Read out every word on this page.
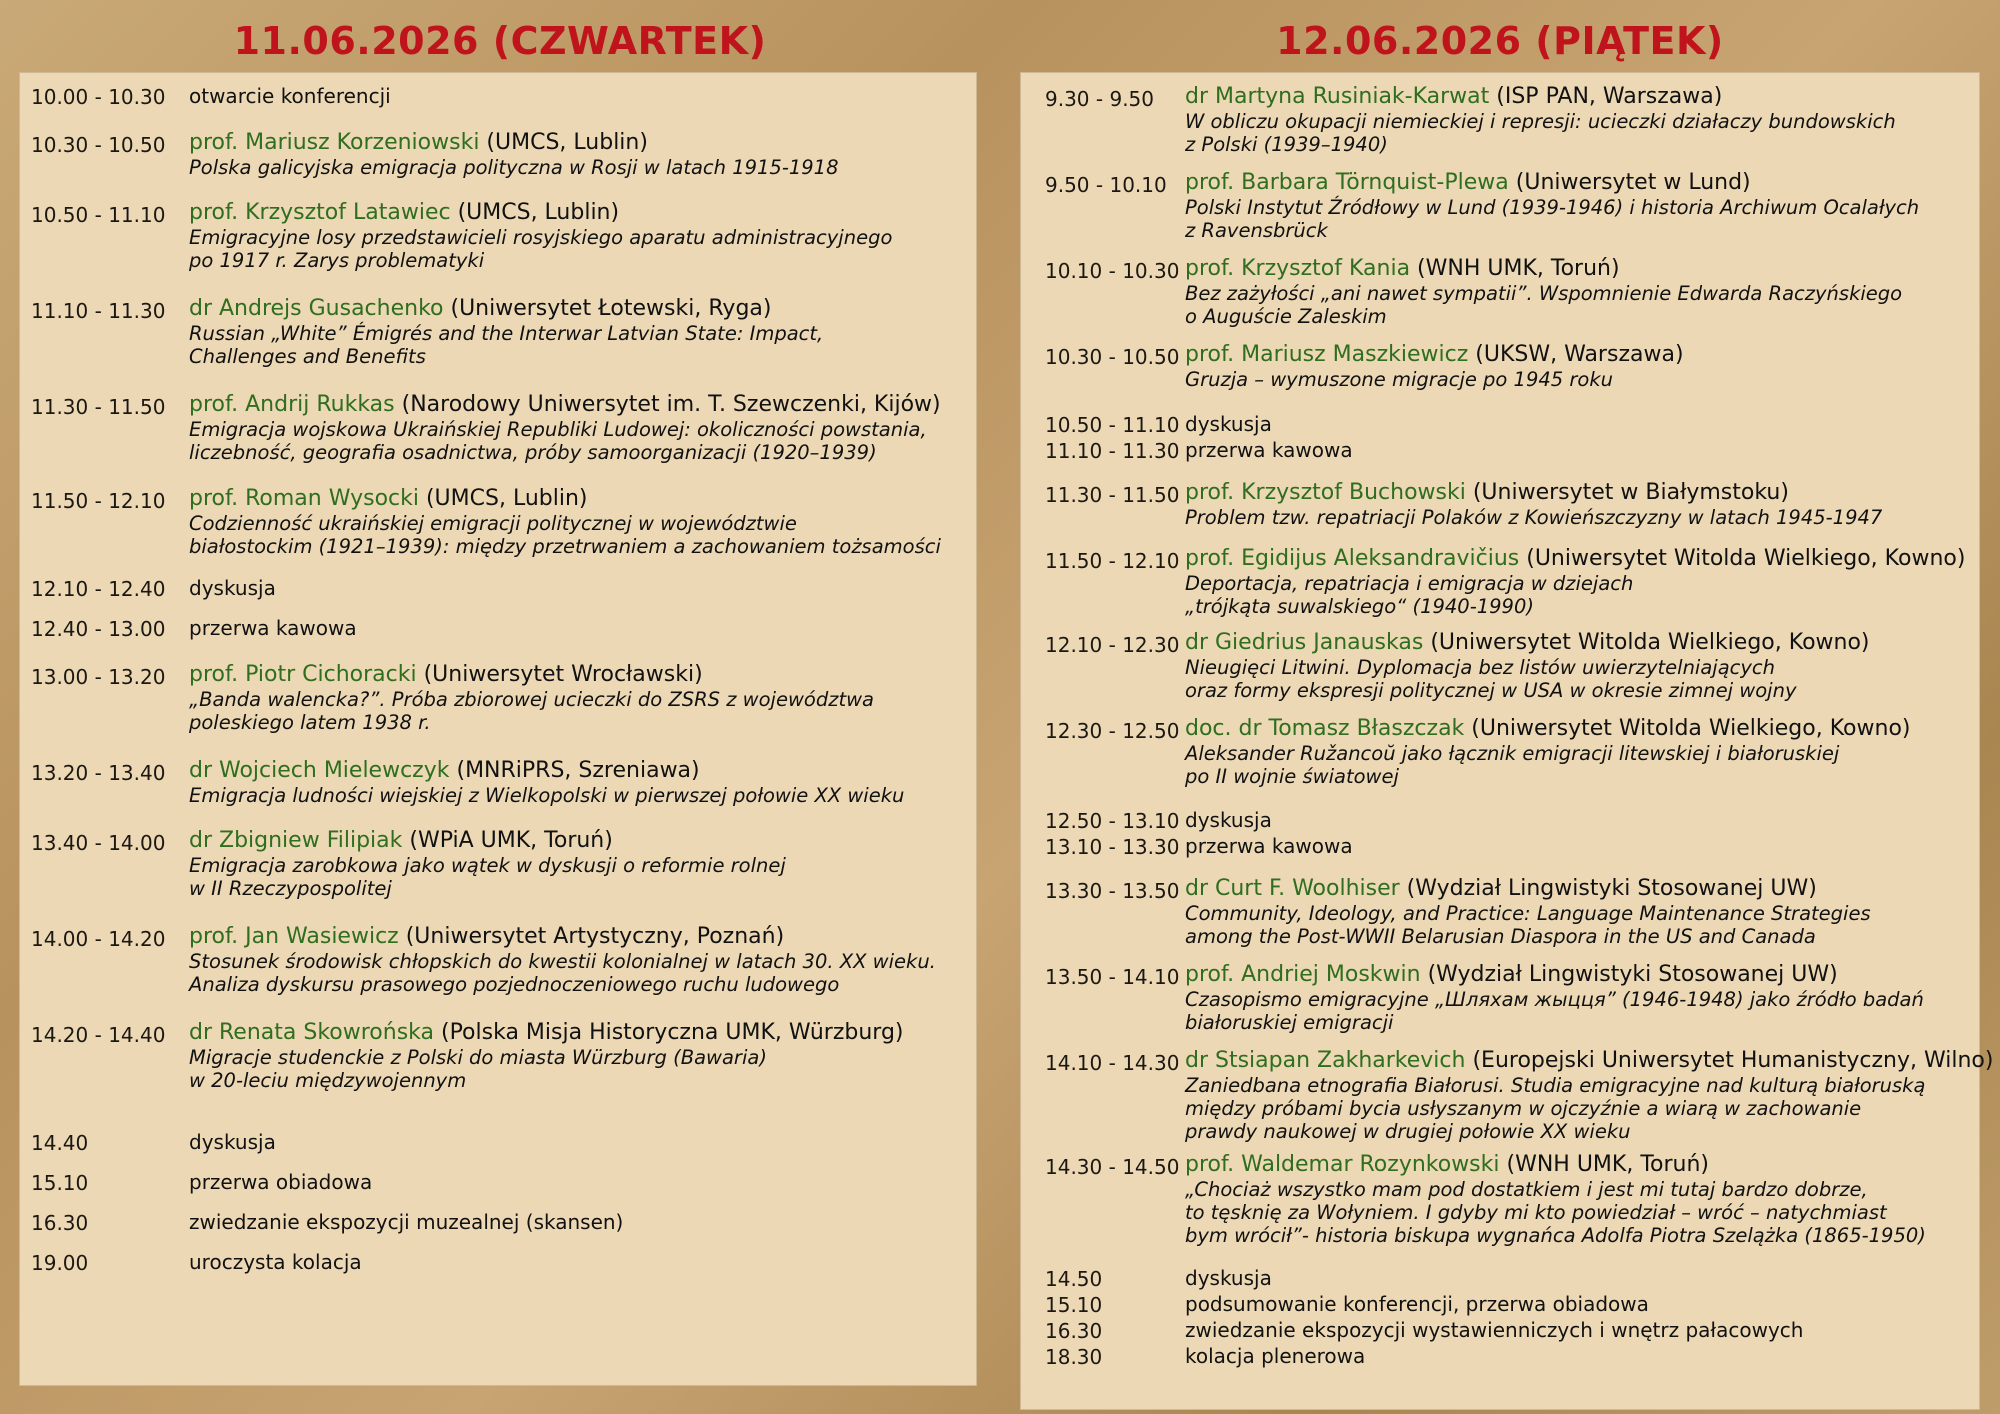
11.06.2026 (CZWARTEK)	12.06.2026 (PIĄTEK)
10.00 - 10.30 otwarcie konferencji
10.30 - 10.50 prof. Mariusz Korzeniowski (UMCS, Lublin)
Polska galicyjska emigracja polityczna w Rosji w latach 1915-1918
10.50 - 11.10 prof. Krzysztof Latawiec (UMCS, Lublin)
Emigracyjne losy przedstawicieli rosyjskiego aparatu administracyjnego
po 1917 r. Zarys problematyki
11.10 - 11.30 dr Andrejs Gusachenko (Uniwersytet Łotewski, Ryga)
Russian „White” Émigrés and the Interwar Latvian State: Impact,
Challenges and Benefits
11.30 - 11.50 prof. Andrij Rukkas (Narodowy Uniwersytet im. T. Szewczenki, Kijów)
Emigracja wojskowa Ukraińskiej Republiki Ludowej: okoliczności powstania,
liczebność, geografia osadnictwa, próby samoorganizacji (1920–1939)
11.50 - 12.10 prof. Roman Wysocki (UMCS, Lublin)
Codzienność ukraińskiej emigracji politycznej w województwie
białostockim (1921–1939): między przetrwaniem a zachowaniem tożsamości
12.10 - 12.40 dyskusja
12.40 - 13.00 przerwa kawowa
13.00 - 13.20 prof. Piotr Cichoracki (Uniwersytet Wrocławski)
„Banda walencka?”. Próba zbiorowej ucieczki do ZSRS z województwa
poleskiego latem 1938 r.
13.20 - 13.40 dr Wojciech Mielewczyk (MNRiPRS, Szreniawa)
Emigracja ludności wiejskiej z Wielkopolski w pierwszej połowie XX wieku
13.40 - 14.00 dr Zbigniew Filipiak (WPiA UMK, Toruń)
Emigracja zarobkowa jako wątek w dyskusji o reformie rolnej
w II Rzeczypospolitej
14.00 - 14.20 prof. Jan Wasiewicz (Uniwersytet Artystyczny, Poznań)
Stosunek środowisk chłopskich do kwestii kolonialnej w latach 30. XX wieku.
Analiza dyskursu prasowego pozjednoczeniowego ruchu ludowego
14.20 - 14.40 dr Renata Skowrońska (Polska Misja Historyczna UMK, Würzburg)
Migracje studenckie z Polski do miasta Würzburg (Bawaria)
w 20-leciu międzywojennym
14.40	dyskusja
15.10	przerwa obiadowa
16.30	zwiedzanie ekspozycji muzealnej (skansen)
19.00	uroczysta kolacja
9.30 - 9.50 dr Martyna Rusiniak-Karwat (ISP PAN, Warszawa)
W obliczu okupacji niemieckiej i represji: ucieczki działaczy bundowskich
z Polski (1939–1940)
9.50 - 10.10 prof. Barbara Törnquist-Plewa (Uniwersytet w Lund)
Polski Instytut Źródłowy w Lund (1939-1946) i historia Archiwum Ocalałych
z Ravensbrück
10.10 - 10.30 prof. Krzysztof Kania (WNH UMK, Toruń)
Bez zażyłości „ani nawet sympatii”. Wspomnienie Edwarda Raczyńskiego
o Auguście Zaleskim
10.30 - 10.50 prof. Mariusz Maszkiewicz (UKSW, Warszawa)
Gruzja – wymuszone migracje po 1945 roku
10.50 - 11.10 dyskusja
11.10 - 11.30 przerwa kawowa
11.30 - 11.50 prof. Krzysztof Buchowski (Uniwersytet w Białymstoku)
Problem tzw. repatriacji Polaków z Kowieńszczyzny w latach 1945-1947
11.50 - 12.10 prof. Egidijus Aleksandravičius (Uniwersytet Witolda Wielkiego, Kowno)
Deportacja, repatriacja i emigracja w dziejach
„trójkąta suwalskiego“ (1940-1990)
12.10 - 12.30 dr Giedrius Janauskas (Uniwersytet Witolda Wielkiego, Kowno)
Nieugięci Litwini. Dyplomacja bez listów uwierzytelniających
oraz formy ekspresji politycznej w USA w okresie zimnej wojny
12.30 - 12.50 doc. dr Tomasz Błaszczak (Uniwersytet Witolda Wielkiego, Kowno)
Aleksander Ružancoŭ jako łącznik emigracji litewskiej i białoruskiej
po II wojnie światowej
12.50 - 13.10 dyskusja
13.10 - 13.30 przerwa kawowa
13.30 - 13.50 dr Curt F. Woolhiser (Wydział Lingwistyki Stosowanej UW)
Community, Ideology, and Practice: Language Maintenance Strategies
among the Post-WWII Belarusian Diaspora in the US and Canada
13.50 - 14.10 prof. Andriej Moskwin (Wydział Lingwistyki Stosowanej UW)
Czasopismo emigracyjne „Шляхам жыцця” (1946-1948) jako źródło badań
białoruskiej emigracji
14.10 - 14.30 dr Stsiapan Zakharkevich (Europejski Uniwersytet Humanistyczny, Wilno)
Zaniedbana etnografia Białorusi. Studia emigracyjne nad kulturą białoruską
między próbami bycia usłyszanym w ojczyźnie a wiarą w zachowanie
prawdy naukowej w drugiej połowie XX wieku
14.30 - 14.50 prof. Waldemar Rozynkowski (WNH UMK, Toruń)
„Chociaż wszystko mam pod dostatkiem i jest mi tutaj bardzo dobrze,
to tęsknię za Wołyniem. I gdyby mi kto powiedział – wróć – natychmiast
bym wrócił”- historia biskupa wygnańca Adolfa Piotra Szelążka (1865-1950)
14.50	dyskusja
15.10	podsumowanie konferencji, przerwa obiadowa
16.30	zwiedzanie ekspozycji wystawienniczych i wnętrz pałacowych
18.30	kolacja plenerowa
